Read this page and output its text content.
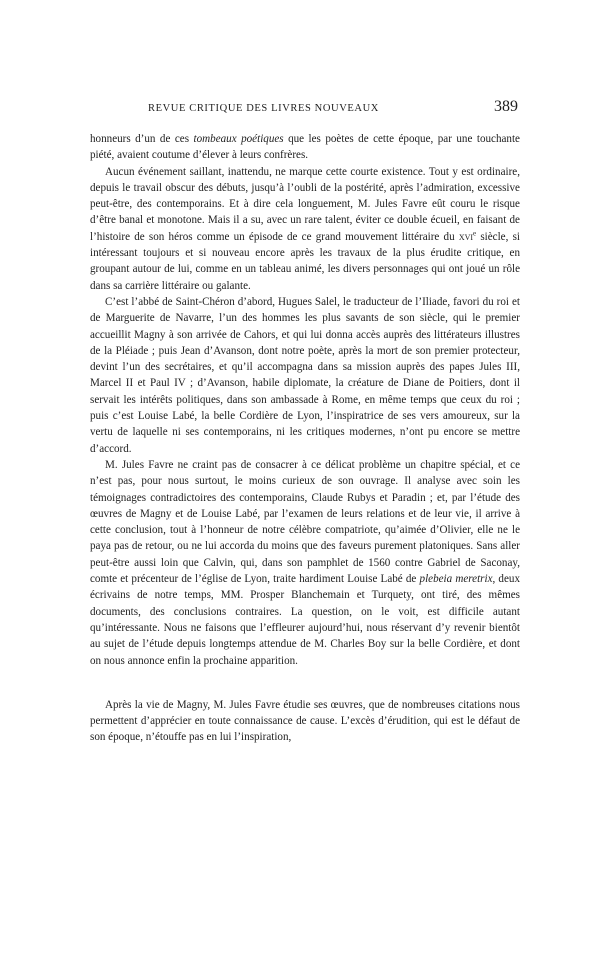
REVUE CRITIQUE DES LIVRES NOUVEAUX	389

honneurs d’un de ces tombeaux poétiques que les poètes de cette époque, par une touchante piété, avaient coutume d’élever à leurs confrères.

Aucun événement saillant, inattendu, ne marque cette courte existence. Tout y est ordinaire, depuis le travail obscur des débuts, jusqu’à l’oubli de la postérité, après l’admiration, excessive peut-être, des contemporains. Et à dire cela longuement, M. Jules Favre eût couru le risque d’être banal et monotone. Mais il a su, avec un rare talent, éviter ce double écueil, en faisant de l’histoire de son héros comme un épisode de ce grand mouvement littéraire du xvi$^e$ siècle, si intéressant toujours et si nouveau encore après les travaux de la plus érudite critique, en groupant autour de lui, comme en un tableau animé, les divers personnages qui ont joué un rôle dans sa carrière littéraire ou galante.

C’est l’abbé de Saint-Chéron d’abord, Hugues Salel, le traducteur de l’Iliade, favori du roi et de Marguerite de Navarre, l’un des hommes les plus savants de son siècle, qui le premier accueillit Magny à son arrivée de Cahors, et qui lui donna accès auprès des littérateurs illustres de la Pléiade ; puis Jean d’Avanson, dont notre poète, après la mort de son premier protecteur, devint l’un des secrétaires, et qu’il accompagna dans sa mission auprès des papes Jules III, Marcel II et Paul IV ; d’Avanson, habile diplomate, la créature de Diane de Poitiers, dont il servait les intérêts politiques, dans son ambassade à Rome, en même temps que ceux du roi ; puis c’est Louise Labé, la belle Cordière de Lyon, l’inspiratrice de ses vers amoureux, sur la vertu de laquelle ni ses contemporains, ni les critiques modernes, n’ont pu encore se mettre d’accord.

M. Jules Favre ne craint pas de consacrer à ce délicat problème un chapitre spécial, et ce n’est pas, pour nous surtout, le moins curieux de son ouvrage. Il analyse avec soin les témoignages contradictoires des contemporains, Claude Rubys et Paradin ; et, par l’étude des œuvres de Magny et de Louise Labé, par l’examen de leurs relations et de leur vie, il arrive à cette conclusion, tout à l’honneur de notre célèbre compatriote, qu’aimée d’Olivier, elle ne le paya pas de retour, ou ne lui accorda du moins que des faveurs purement platoniques. Sans aller peut-être aussi loin que Calvin, qui, dans son pamphlet de 1560 contre Gabriel de Saconay, comte et précenteur de l’église de Lyon, traite hardiment Louise Labé de plebeia meretrix, deux écrivains de notre temps, MM. Prosper Blanchemain et Turquety, ont tiré, des mêmes documents, des conclusions contraires. La question, on le voit, est difficile autant qu’intéressante. Nous ne faisons que l’effleurer aujourd’hui, nous réservant d’y revenir bientôt au sujet de l’étude depuis longtemps attendue de M. Charles Boy sur la belle Cordière, et dont on nous annonce enfin la prochaine apparition.

Après la vie de Magny, M. Jules Favre étudie ses œuvres, que de nombreuses citations nous permettent d’apprécier en toute connaissance de cause. L’excès d’érudition, qui est le défaut de son époque, n’étouffe pas en lui l’inspiration,
